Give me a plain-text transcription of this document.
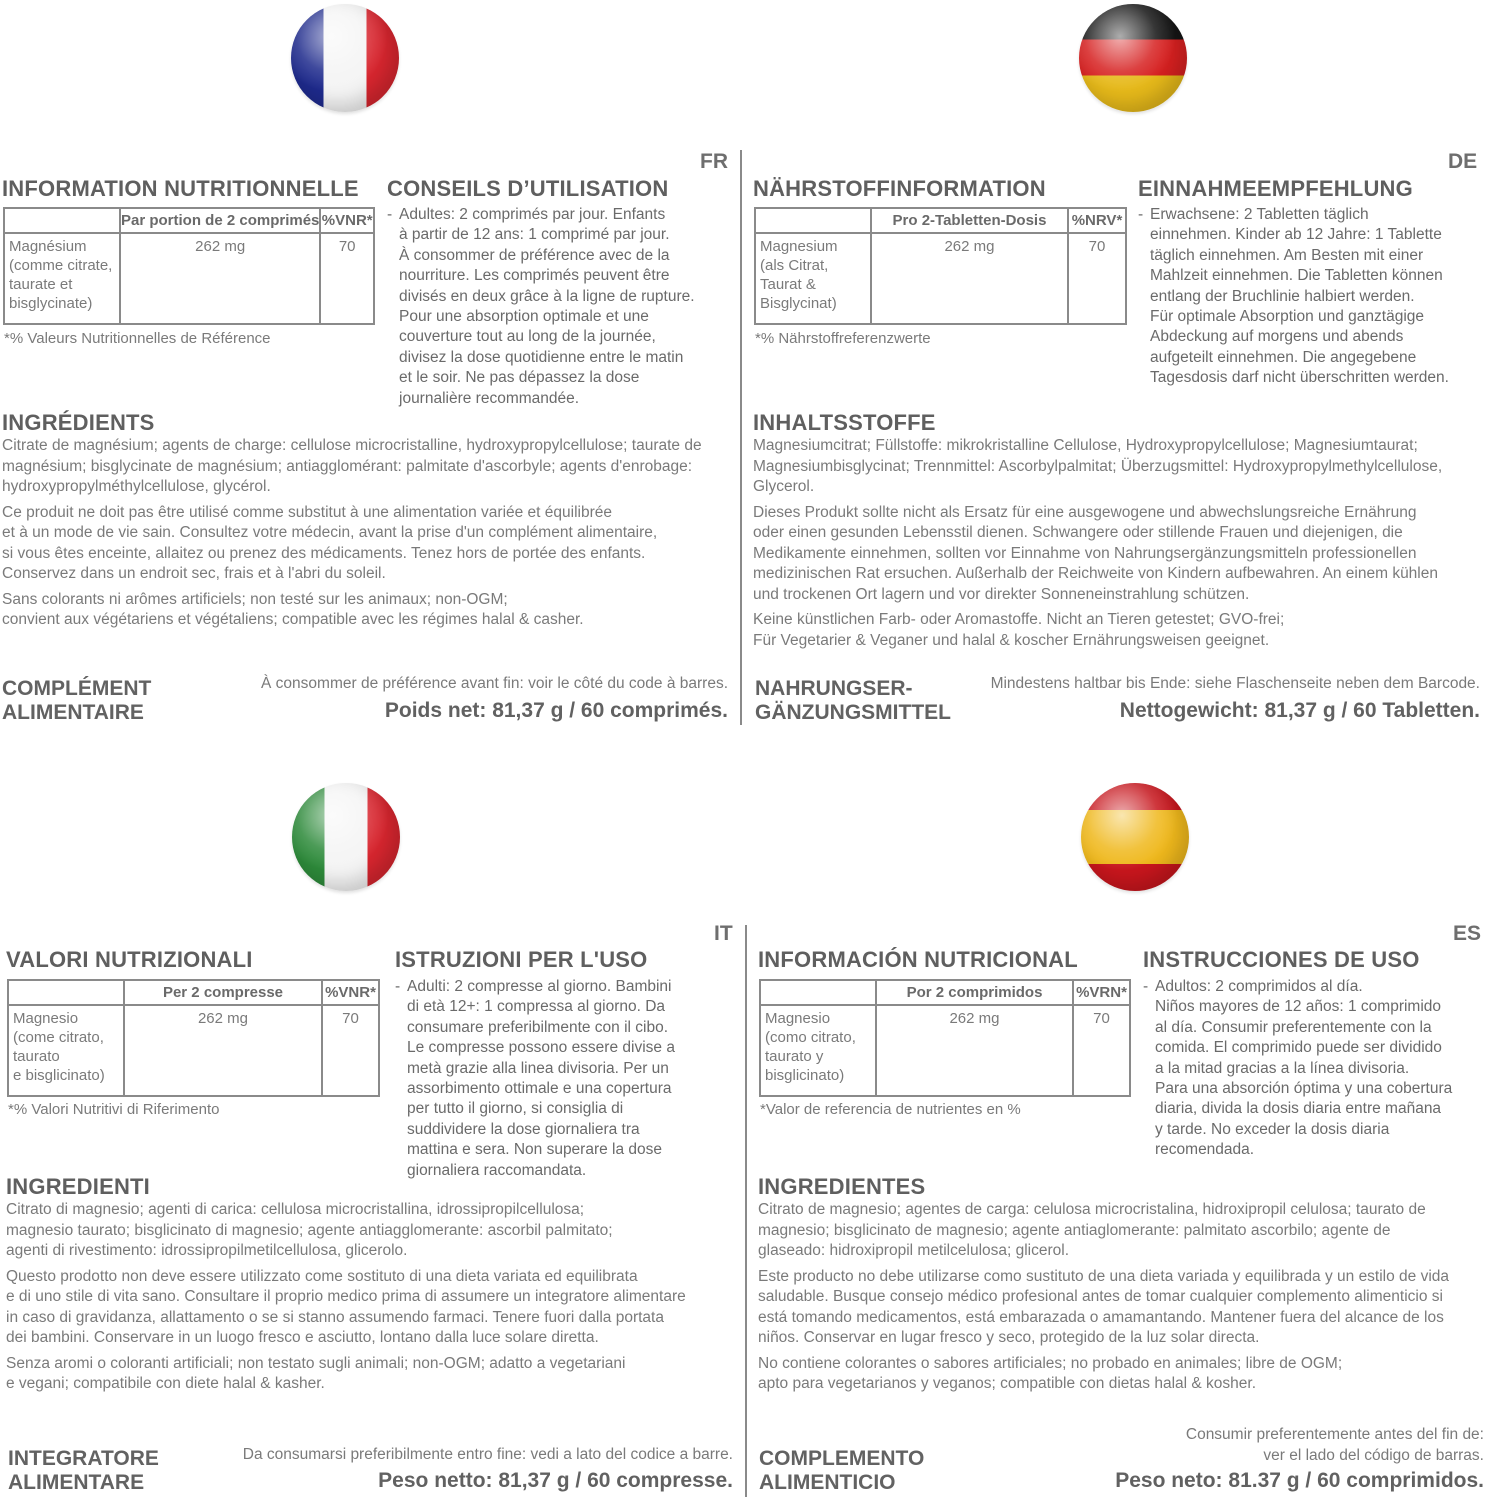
FR
INFORMATION NUTRITIONNELLE
	Par portion de 2 comprimés	%VNR*
Magnésium
(comme citrate,
taurate et
bisglycinate)	262 mg	70
*% Valeurs Nutritionnelles de Référence
CONSEILS D’UTILISATION
- Adultes: 2 comprimés par jour. Enfants
à partir de 12 ans: 1 comprimé par jour.
À consommer de préférence avec de la
nourriture. Les comprimés peuvent être
divisés en deux grâce à la ligne de rupture.
Pour une absorption optimale et une
couverture tout au long de la journée,
divisez la dose quotidienne entre le matin
et le soir. Ne pas dépassez la dose
journalière recommandée.
INGRÉDIENTS
Citrate de magnésium; agents de charge: cellulose microcristalline, hydroxypropylcellulose; taurate de
magnésium; bisglycinate de magnésium; antiagglomérant: palmitate d'ascorbyle; agents d'enrobage:
hydroxypropylméthylcellulose, glycérol.
Ce produit ne doit pas être utilisé comme substitut à une alimentation variée et équilibrée
et à un mode de vie sain. Consultez votre médecin, avant la prise d'un complément alimentaire,
si vous êtes enceinte, allaitez ou prenez des médicaments. Tenez hors de portée des enfants.
Conservez dans un endroit sec, frais et à l'abri du soleil.
Sans colorants ni arômes artificiels; non testé sur les animaux; non-OGM;
convient aux végétariens et végétaliens; compatible avec les régimes halal & casher.
COMPLÉMENT
ALIMENTAIRE
À consommer de préférence avant fin: voir le côté du code à barres.
Poids net: 81,37 g / 60 comprimés.
DE
NÄHRSTOFFINFORMATION
	Pro 2-Tabletten-Dosis	%NRV*
Magnesium
(als Citrat,
Taurat &
Bisglycinat)	262 mg	70
*% Nährstoffreferenzwerte
EINNAHMEEMPFEHLUNG
- Erwachsene: 2 Tabletten täglich
einnehmen. Kinder ab 12 Jahre: 1 Tablette
täglich einnehmen. Am Besten mit einer
Mahlzeit einnehmen. Die Tabletten können
entlang der Bruchlinie halbiert werden.
Für optimale Absorption und ganztägige
Abdeckung auf morgens und abends
aufgeteilt einnehmen. Die angegebene
Tagesdosis darf nicht überschritten werden.
INHALTSSTOFFE
Magnesiumcitrat; Füllstoffe: mikrokristalline Cellulose, Hydroxypropylcellulose; Magnesiumtaurat;
Magnesiumbisglycinat; Trennmittel: Ascorbylpalmitat; Überzugsmittel: Hydroxypropylmethylcellulose,
Glycerol.
Dieses Produkt sollte nicht als Ersatz für eine ausgewogene und abwechslungsreiche Ernährung
oder einen gesunden Lebensstil dienen. Schwangere oder stillende Frauen und diejenigen, die
Medikamente einnehmen, sollten vor Einnahme von Nahrungsergänzungsmitteln professionellen
medizinischen Rat ersuchen. Außerhalb der Reichweite von Kindern aufbewahren. An einem kühlen
und trockenen Ort lagern und vor direkter Sonneneinstrahlung schützen.
Keine künstlichen Farb- oder Aromastoffe. Nicht an Tieren getestet; GVO-frei;
Für Vegetarier & Veganer und halal & koscher Ernährungsweisen geeignet.
NAHRUNGSER-
GÄNZUNGSMITTEL
Mindestens haltbar bis Ende: siehe Flaschenseite neben dem Barcode.
Nettogewicht: 81,37 g / 60 Tabletten.
IT
VALORI NUTRIZIONALI
	Per 2 compresse	%VNR*
Magnesio
(come citrato,
taurato
e bisglicinato)	262 mg	70
*% Valori Nutritivi di Riferimento
ISTRUZIONI PER L'USO
- Adulti: 2 compresse al giorno. Bambini
di età 12+: 1 compressa al giorno. Da
consumare preferibilmente con il cibo.
Le compresse possono essere divise a
metà grazie alla linea divisoria. Per un
assorbimento ottimale e una copertura
per tutto il giorno, si consiglia di
suddividere la dose giornaliera tra
mattina e sera. Non superare la dose
giornaliera raccomandata.
INGREDIENTI
Citrato di magnesio; agenti di carica: cellulosa microcristallina, idrossipropilcellulosa;
magnesio taurato; bisglicinato di magnesio; agente antiagglomerante: ascorbil palmitato;
agenti di rivestimento: idrossipropilmetilcellulosa, glicerolo.
Questo prodotto non deve essere utilizzato come sostituto di una dieta variata ed equilibrata
e di uno stile di vita sano. Consultare il proprio medico prima di assumere un integratore alimentare
in caso di gravidanza, allattamento o se si stanno assumendo farmaci. Tenere fuori dalla portata
dei bambini. Conservare in un luogo fresco e asciutto, lontano dalla luce solare diretta.
Senza aromi o coloranti artificiali; non testato sugli animali; non-OGM; adatto a vegetariani
e vegani; compatibile con diete halal & kasher.
INTEGRATORE
ALIMENTARE
Da consumarsi preferibilmente entro fine: vedi a lato del codice a barre.
Peso netto: 81,37 g / 60 compresse.
ES
INFORMACIÓN NUTRICIONAL
	Por 2 comprimidos	%VRN*
Magnesio
(como citrato,
taurato y
bisglicinato)	262 mg	70
*Valor de referencia de nutrientes en %
INSTRUCCIONES DE USO
- Adultos: 2 comprimidos al día.
Niños mayores de 12 años: 1 comprimido
al día. Consumir preferentemente con la
comida. El comprimido puede ser dividido
a la mitad gracias a la línea divisoria.
Para una absorción óptima y una cobertura
diaria, divida la dosis diaria entre mañana
y tarde. No exceder la dosis diaria
recomendada.
INGREDIENTES
Citrato de magnesio; agentes de carga: celulosa microcristalina, hidroxipropil celulosa; taurato de
magnesio; bisglicinato de magnesio; agente antiaglomerante: palmitato ascorbilo; agente de
glaseado: hidroxipropil metilcelulosa; glicerol.
Este producto no debe utilizarse como sustituto de una dieta variada y equilibrada y un estilo de vida
saludable. Busque consejo médico profesional antes de tomar cualquier complemento alimenticio si
está tomando medicamentos, está embarazada o amamantando. Mantener fuera del alcance de los
niños. Conservar en lugar fresco y seco, protegido de la luz solar directa.
No contiene colorantes o sabores artificiales; no probado en animales; libre de OGM;
apto para vegetarianos y veganos; compatible con dietas halal & kosher.
COMPLEMENTO
ALIMENTICIO
Consumir preferentemente antes del fin de:
ver el lado del código de barras.
Peso neto: 81.37 g / 60 comprimidos.
